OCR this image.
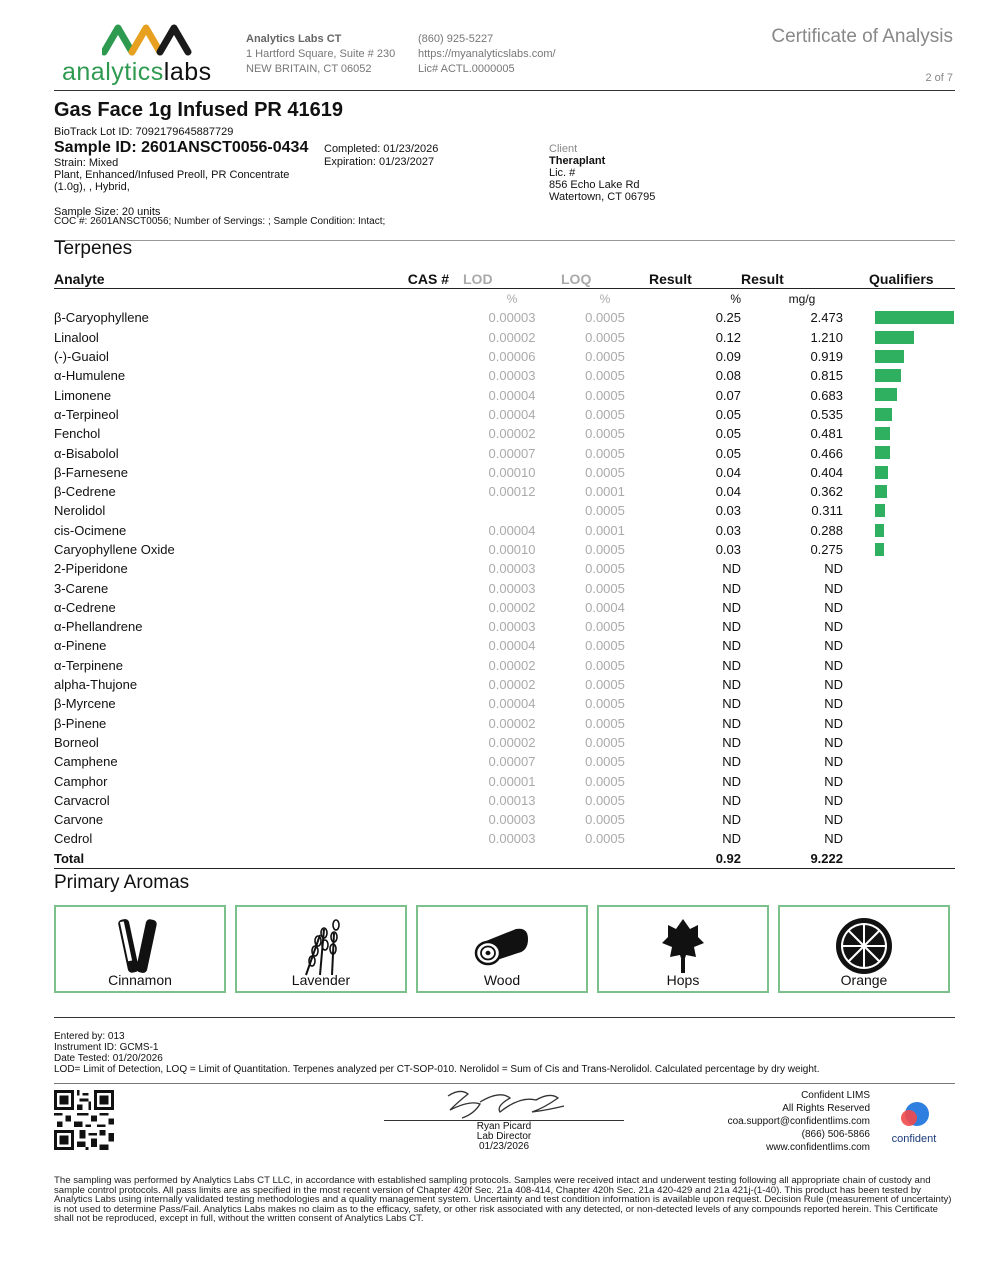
analyticslabs
Analytics Labs CT
1 Hartford Square, Suite # 230
NEW BRITAIN, CT 06052
(860) 925-5227
https://myanalyticslabs.com/
Lic# ACTL.0000005
Certificate of Analysis
2 of 7
Gas Face 1g Infused PR 41619
BioTrack Lot ID: 7092179645887729
Sample ID: 2601ANSCT0056-0434
Strain: Mixed
Plant, Enhanced/Infused Preoll, PR Concentrate
(1.0g), , Hybrid,
Completed: 01/23/2026
Expiration: 01/23/2027
Sample Size: 20 units
COC #: 2601ANSCT0056; Number of Servings: ; Sample Condition: Intact;
Client
Theraplant
Lic. #
856 Echo Lake Rd
Watertown, CT 06795
Terpenes
Analyte	CAS #	LOD	LOQ	Result	Result	Qualifiers
		%	%	%	mg/g	
β-Caryophyllene		0.00003	0.0005	0.25	2.473	
Linalool		0.00002	0.0005	0.12	1.210	
(-)-Guaiol		0.00006	0.0005	0.09	0.919	
α-Humulene		0.00003	0.0005	0.08	0.815	
Limonene		0.00004	0.0005	0.07	0.683	
α-Terpineol		0.00004	0.0005	0.05	0.535	
Fenchol		0.00002	0.0005	0.05	0.481	
α-Bisabolol		0.00007	0.0005	0.05	0.466	
β-Farnesene		0.00010	0.0005	0.04	0.404	
β-Cedrene		0.00012	0.0001	0.04	0.362	
Nerolidol			0.0005	0.03	0.311	
cis-Ocimene		0.00004	0.0001	0.03	0.288	
Caryophyllene Oxide		0.00010	0.0005	0.03	0.275	
2-Piperidone		0.00003	0.0005	ND	ND	
3-Carene		0.00003	0.0005	ND	ND	
α-Cedrene		0.00002	0.0004	ND	ND	
α-Phellandrene		0.00003	0.0005	ND	ND	
α-Pinene		0.00004	0.0005	ND	ND	
α-Terpinene		0.00002	0.0005	ND	ND	
alpha-Thujone		0.00002	0.0005	ND	ND	
β-Myrcene		0.00004	0.0005	ND	ND	
β-Pinene		0.00002	0.0005	ND	ND	
Borneol		0.00002	0.0005	ND	ND	
Camphene		0.00007	0.0005	ND	ND	
Camphor		0.00001	0.0005	ND	ND	
Carvacrol		0.00013	0.0005	ND	ND	
Carvone		0.00003	0.0005	ND	ND	
Cedrol		0.00003	0.0005	ND	ND	
Total				0.92	9.222	
Primary Aromas
Cinnamon	Lavender	Wood	Hops	Orange
Entered by: 013
Instrument ID: GCMS-1
Date Tested: 01/20/2026
LOD= Limit of Detection, LOQ = Limit of Quantitation. Terpenes analyzed per CT-SOP-010. Nerolidol = Sum of Cis and Trans-Nerolidol. Calculated percentage by dry weight.
Ryan Picard
Lab Director
01/23/2026
Confident LIMS
All Rights Reserved
coa.support@confidentlims.com
(866) 506-5866
www.confidentlims.com
confident
The sampling was performed by Analytics Labs CT LLC, in accordance with established sampling protocols. Samples were received intact and underwent testing following all appropriate chain of custody and sample control protocols. All pass limits are as specified in the most recent version of Chapter 420f Sec. 21a 408-414, Chapter 420h Sec. 21a 420-429 and 21a 421j-(1-40). This product has been tested by Analytics Labs using internally validated testing methodologies and a quality management system. Uncertainty and test condition information is available upon request. Decision Rule (measurement of uncertainty) is not used to determine Pass/Fail. Analytics Labs makes no claim as to the efficacy, safety, or other risk associated with any detected, or non-detected levels of any compounds reported herein. This Certificate shall not be reproduced, except in full, without the written consent of Analytics Labs CT.
